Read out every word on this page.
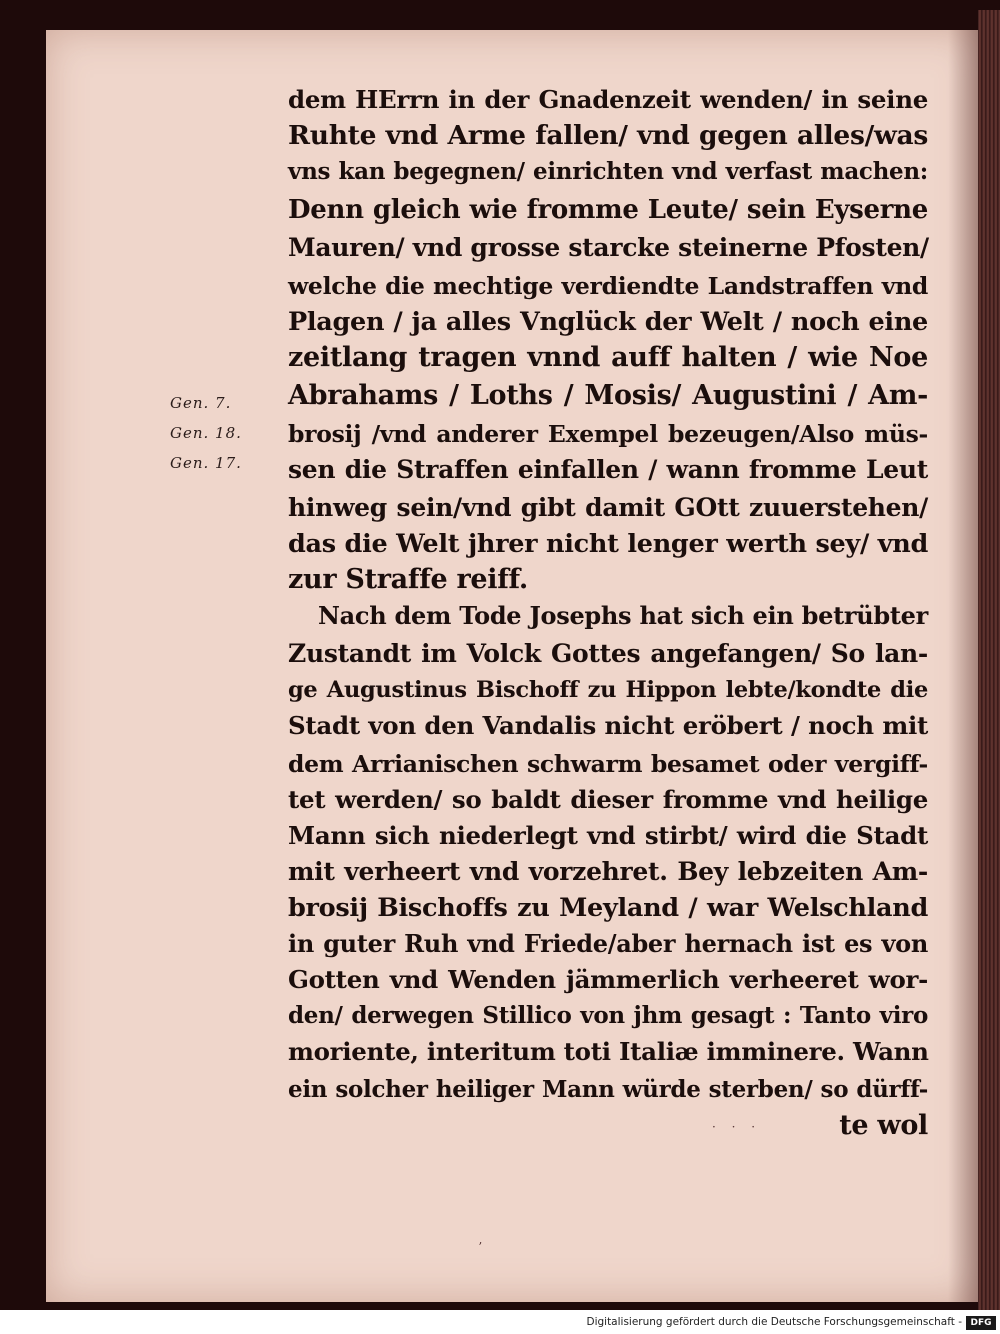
Gen. 7.
Gen. 18.
Gen. 17.
dem HErrn in der Gnadenzeit wenden/ in seine
Ruhte vnd Arme fallen/ vnd gegen alles/was
vns kan begegnen/ einrichten vnd verfast machen:
Denn gleich wie fromme Leute/ sein Eyserne
Mauren/ vnd grosse starcke steinerne Pfosten/
welche die mechtige verdiendte Landstraffen vnd
Plagen / ja alles Vnglück der Welt / noch eine
zeitlang tragen vnnd auff halten / wie Noe
Abrahams / Loths / Mosis/ Augustini / Am-
brosij /vnd anderer Exempel bezeugen/Also müs-
sen die Straffen einfallen / wann fromme Leut
hinweg sein/vnd gibt damit GOtt zuuerstehen/
das die Welt jhrer nicht lenger werth sey/ vnd
zur Straffe reiff.
Nach dem Tode Josephs hat sich ein betrübter
Zustandt im Volck Gottes angefangen/ So lan-
ge Augustinus Bischoff zu Hippon lebte/kondte die
Stadt von den Vandalis nicht eröbert / noch mit
dem Arrianischen schwarm besamet oder vergiff-
tet werden/ so baldt dieser fromme vnd heilige
Mann sich niederlegt vnd stirbt/ wird die Stadt
mit verheert vnd vorzehret. Bey lebzeiten Am-
brosij Bischoffs zu Meyland / war Welschland
in guter Ruh vnd Friede/aber hernach ist es von
Gotten vnd Wenden jämmerlich verheeret wor-
den/ derwegen Stillico von jhm gesagt : Tanto viro
moriente, interitum toti Italiæ imminere. Wann
ein solcher heiliger Mann würde sterben/ so dürff-
te wol
· · ·
ʼ
Digitalisierung gefördert durch die Deutsche Forschungsgemeinschaft - DFG
